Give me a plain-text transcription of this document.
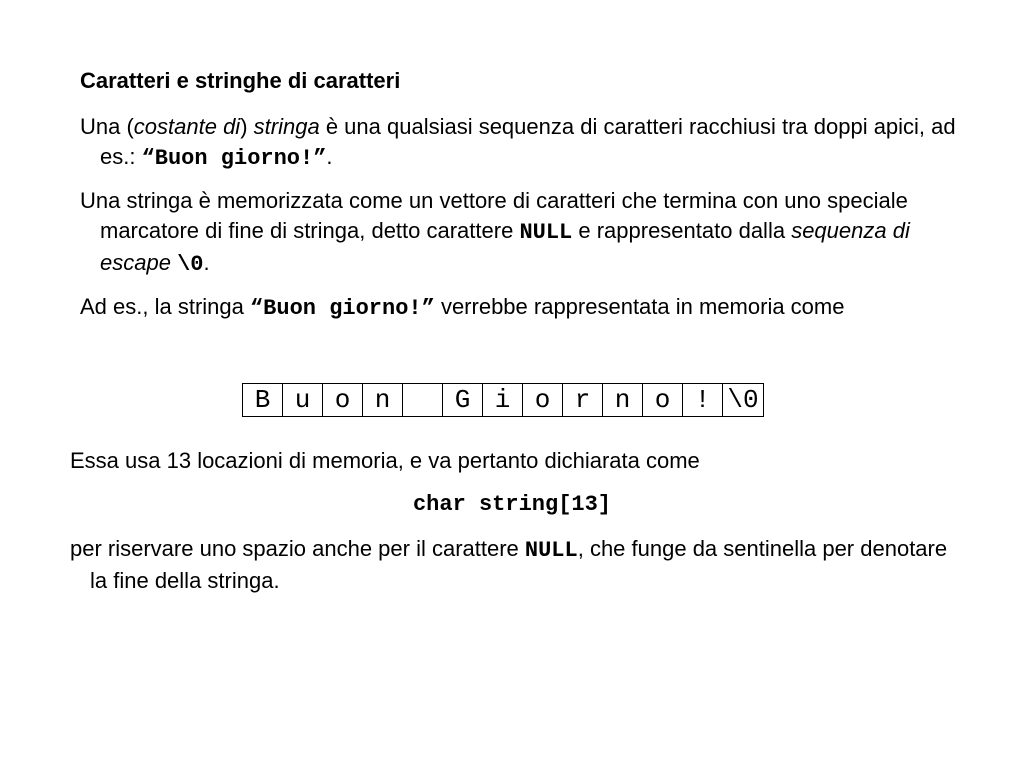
Caratteri e stringhe di caratteri
Una (costante di) stringa è una qualsiasi sequenza di caratteri racchiusi tra doppi apici, ad es.: “Buon giorno!”.
Una stringa è memorizzata come un vettore di caratteri che termina con uno speciale marcatore di fine di stringa, detto carattere NULL e rappresentato dalla sequenza di escape \0.
Ad es., la stringa “Buon giorno!” verrebbe rappresentata in memoria come
B u o n	G i o r n o ! \0
Essa usa 13 locazioni di memoria, e va pertanto dichiarata come
char string[13]
per riservare uno spazio anche per il carattere NULL, che funge da sentinella per denotare la fine della stringa.
